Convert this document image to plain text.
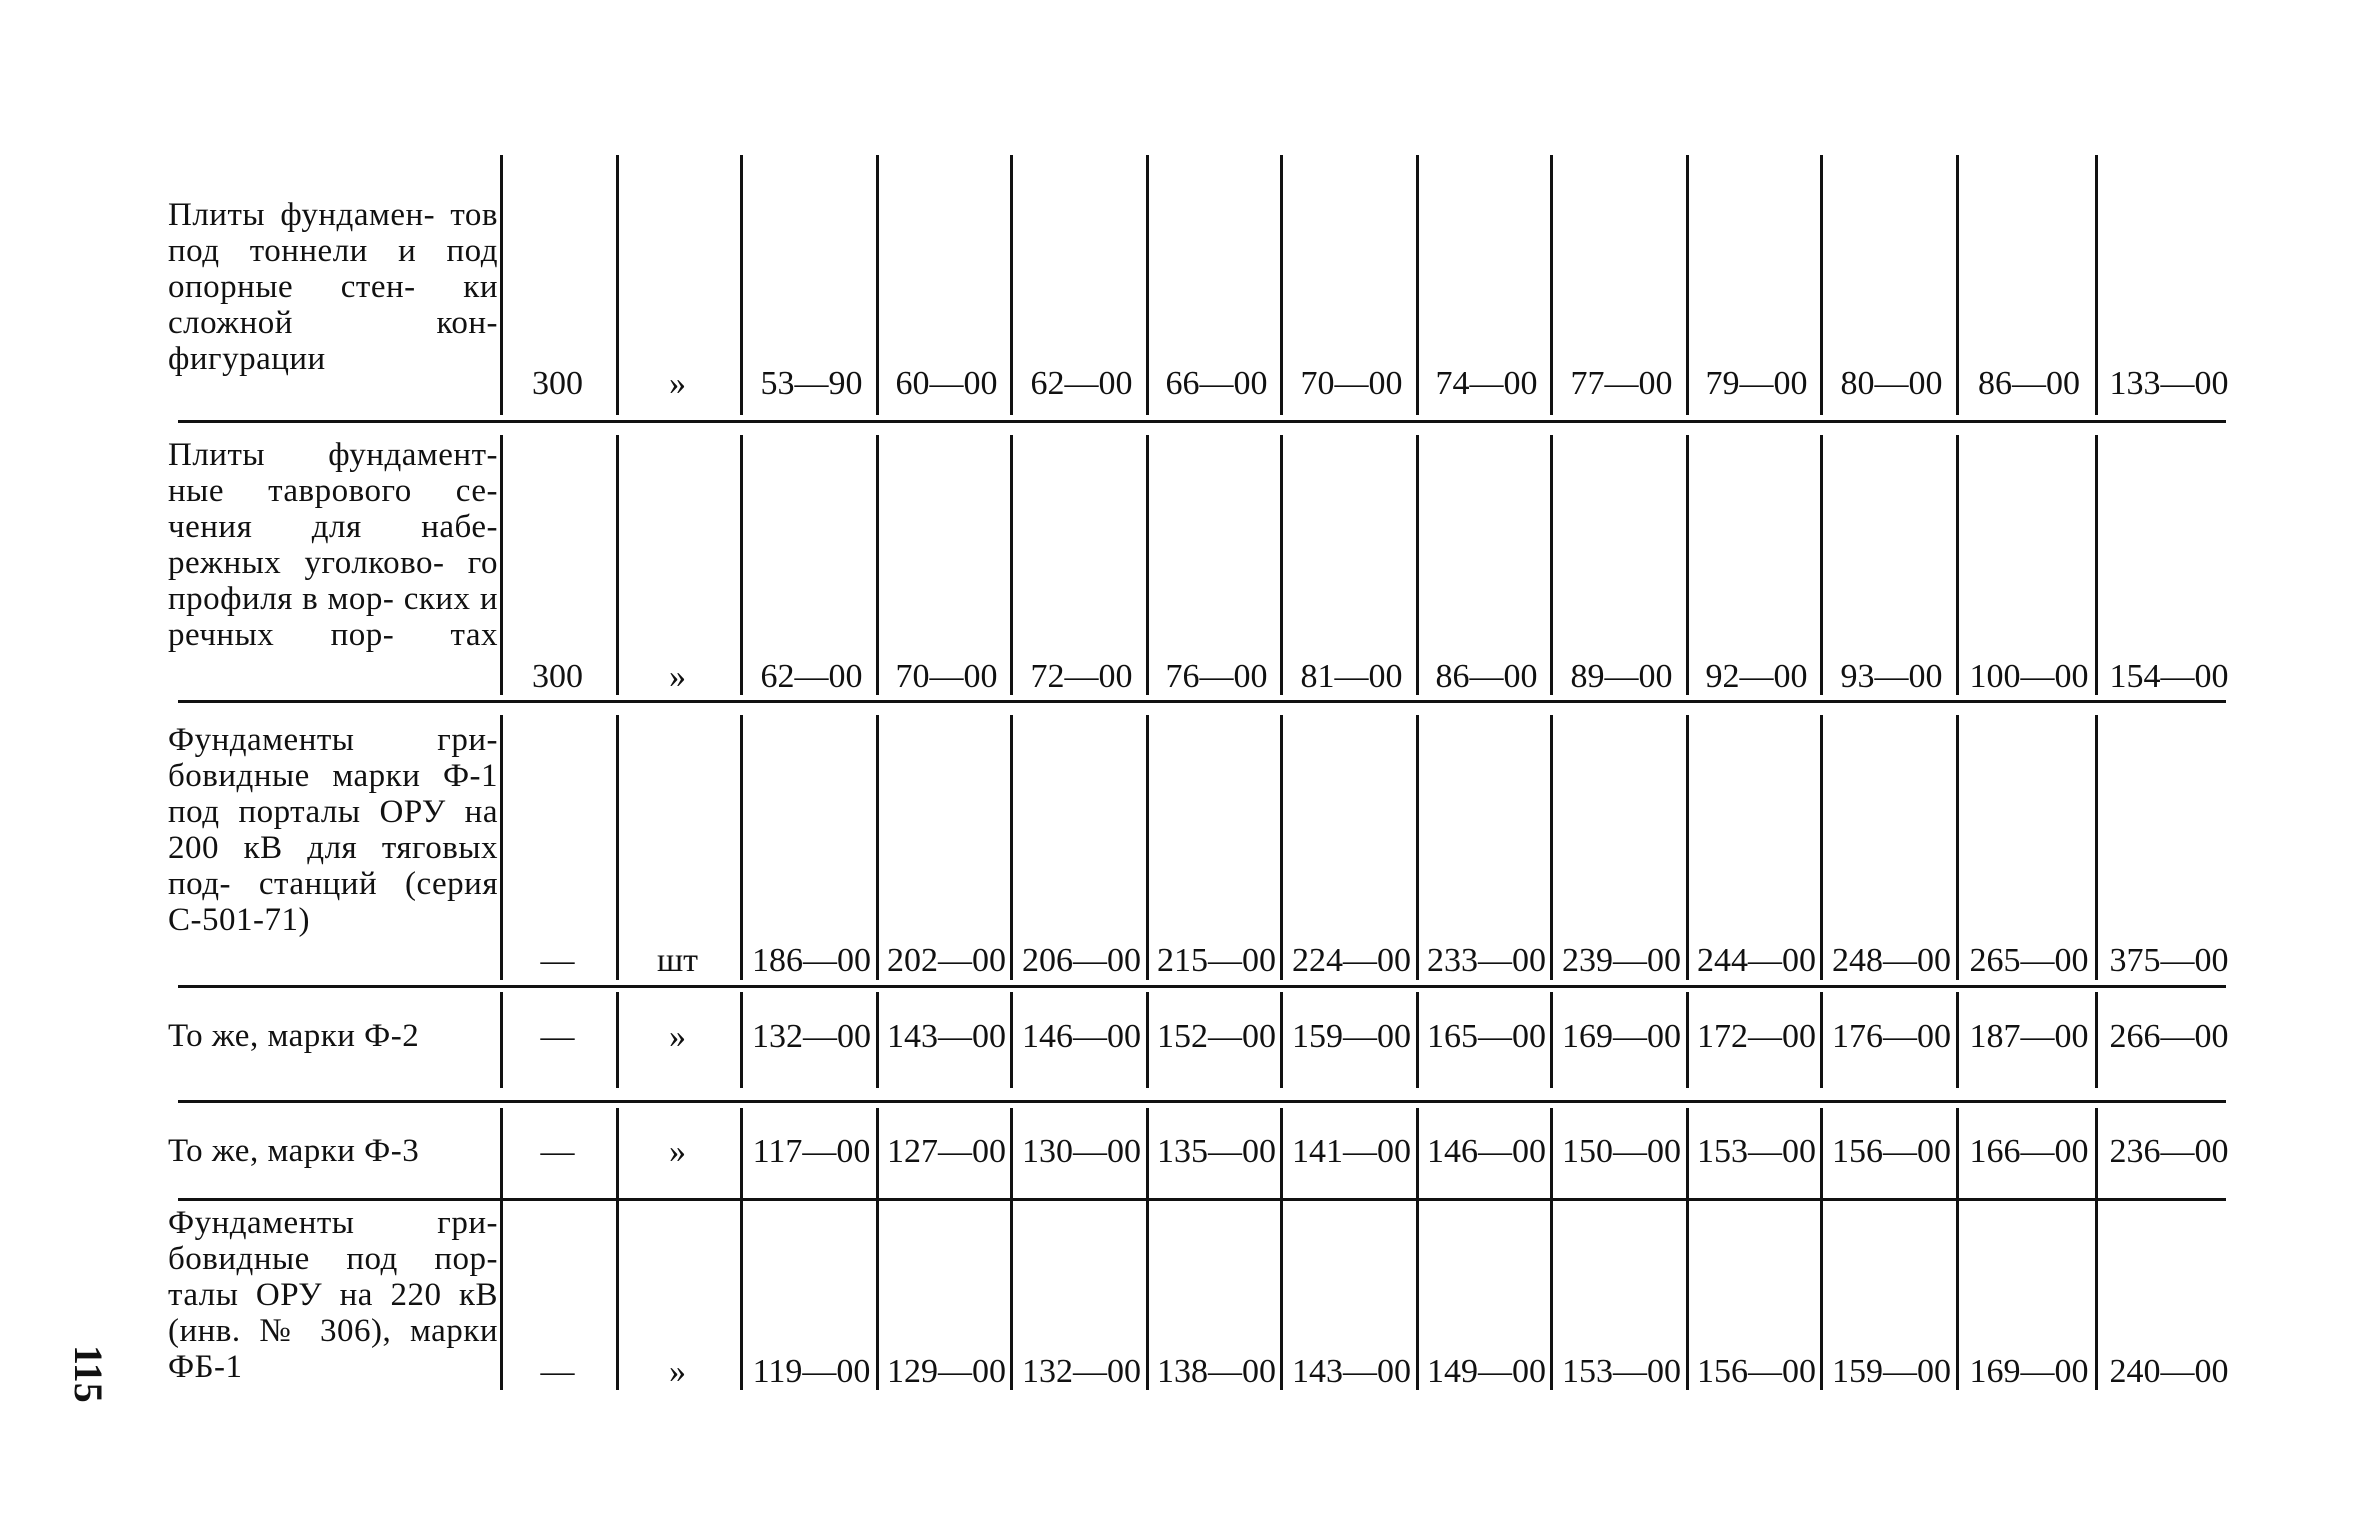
Плиты фундамен- тов под тоннели и под опорные стен- ки сложной кон- фигурации
300	»	53—90 60—00 62—00 66—00 70—00 74—00 77—00 79—00 80—00	86—00 133—00
Плиты фундамент- ные таврового се- чения для набе- режных уголково- го профиля в мор- ских и речных пор- тах
300	»	62—00 70—00 72—00 76—00 81—00 86—00 89—00 92—00 93—00 100—00 154—00
Фундаменты гри- бовидные марки Ф-1 под порталы ОРУ на 200 кВ для тяговых под- станций (серия С-501-71)
—	шт	186—00 202—00 206—00 215—00 224—00 233—00 239—00 244—00 248—00 265—00 375—00
То же, марки Ф-2	—	»	132—00 143—00 146—00 152—00 159—00 165—00 169—00 172—00 176—00 187—00 266—00
То же, марки Ф-3	—	»	117—00 127—00 130—00 135—00 141—00 146—00 150—00 153—00 156—00 166—00 236—00
Фундаменты гри- бовидные под пор- талы ОРУ на 220 кВ (инв. № 306), марки ФБ-1	—	»	119—00 129—00 132—00 138—00 143—00 149—00 153—00 156—00 159—00 169—00 240—00
115
